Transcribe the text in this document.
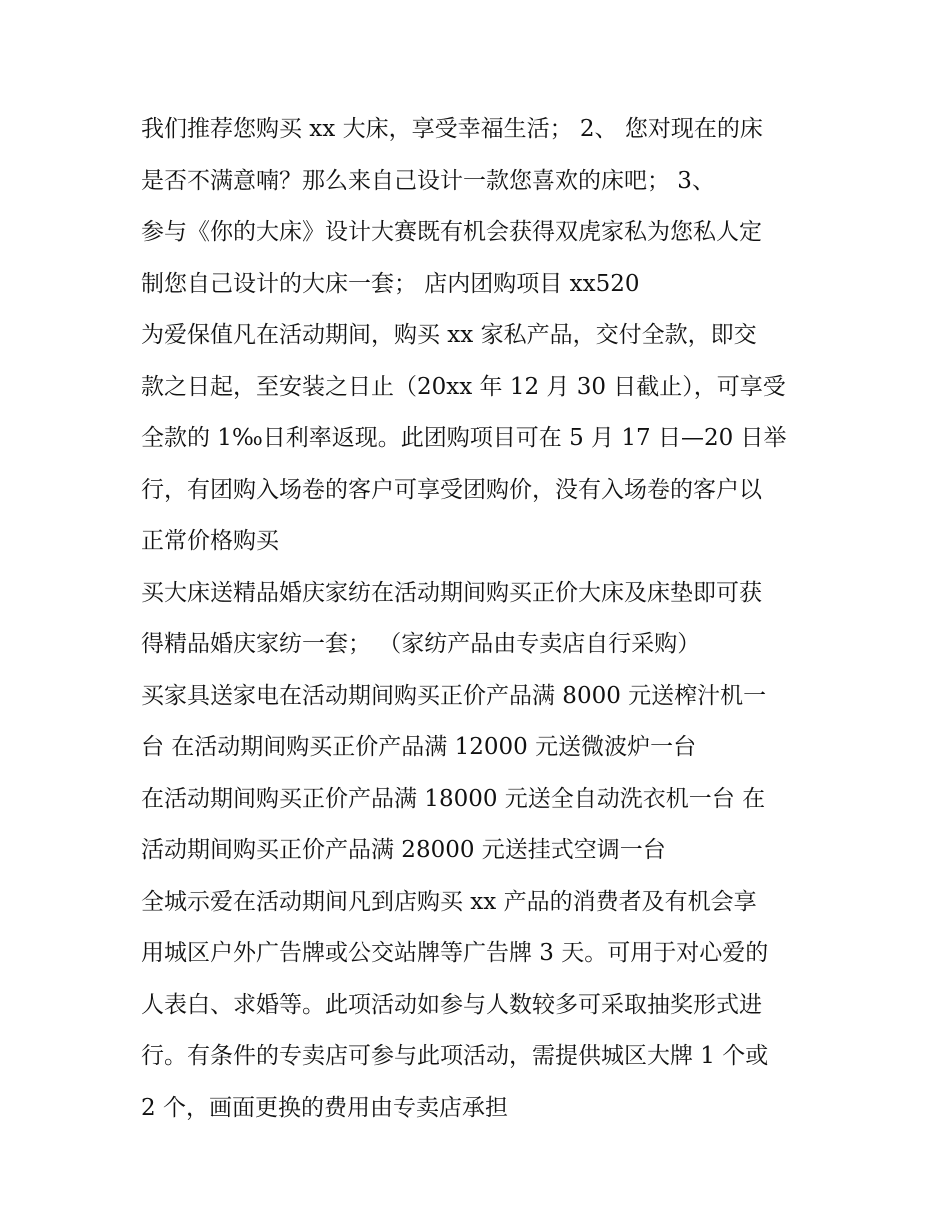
我们推荐您购买 xx 大床，享受幸福生活； 2、 您对现在的床
是否不满意喃？那么来自己设计一款您喜欢的床吧； 3、
参与《你的大床》设计大赛既有机会获得双虎家私为您私人定
制您自己设计的大床一套； 店内团购项目 xx520
为爱保值凡在活动期间，购买 xx 家私产品，交付全款，即交
款之日起，至安装之日止（20xx 年 12 月 30 日截止），可享受
全款的 1‰日利率返现。此团购项目可在 5 月 17 日—20 日举
行，有团购入场卷的客户可享受团购价，没有入场卷的客户以
正常价格购买
买大床送精品婚庆家纺在活动期间购买正价大床及床垫即可获
得精品婚庆家纺一套； （家纺产品由专卖店自行采购）
买家具送家电在活动期间购买正价产品满 8000 元送榨汁机一
台 在活动期间购买正价产品满 12000 元送微波炉一台
在活动期间购买正价产品满 18000 元送全自动洗衣机一台 在
活动期间购买正价产品满 28000 元送挂式空调一台
全城示爱在活动期间凡到店购买 xx 产品的消费者及有机会享
用城区户外广告牌或公交站牌等广告牌 3 天。可用于对心爱的
人表白、求婚等。此项活动如参与人数较多可采取抽奖形式进
行。有条件的专卖店可参与此项活动，需提供城区大牌 1 个或
2 个，画面更换的费用由专卖店承担
